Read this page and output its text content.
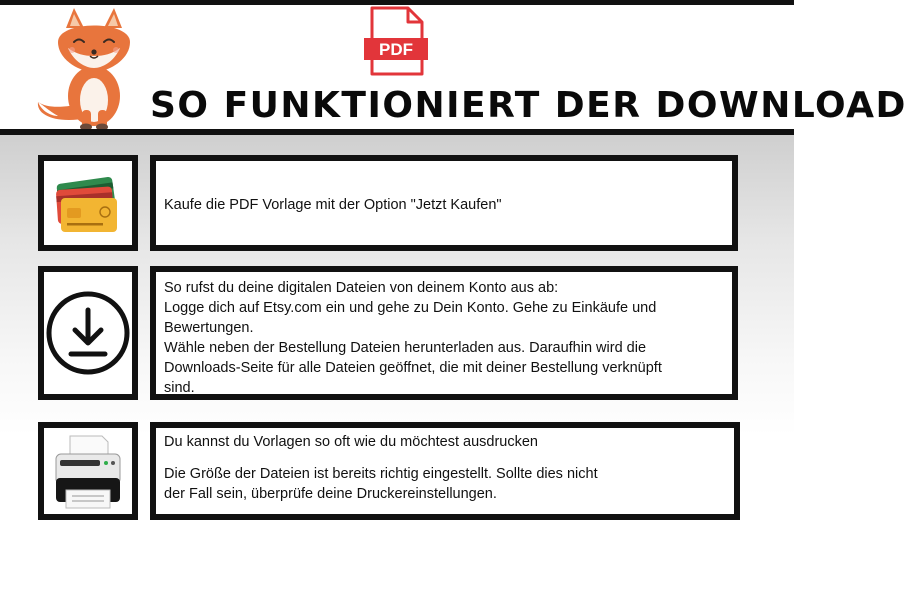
PDF
SO FUNKTIONIERT DER DOWNLOAD
Kaufe die PDF Vorlage mit der Option "Jetzt Kaufen"
So rufst du deine digitalen Dateien von deinem Konto aus ab:
Logge dich auf Etsy.com ein und gehe zu Dein Konto. Gehe zu Einkäufe und
Bewertungen.
Wähle neben der Bestellung Dateien herunterladen aus. Daraufhin wird die
Downloads-Seite für alle Dateien geöffnet, die mit deiner Bestellung verknüpft
sind.
Du kannst du Vorlagen so oft wie du möchtest ausdrucken
Die Größe der Dateien ist bereits richtig eingestellt. Sollte dies nicht
der Fall sein, überprüfe deine Druckereinstellungen.
